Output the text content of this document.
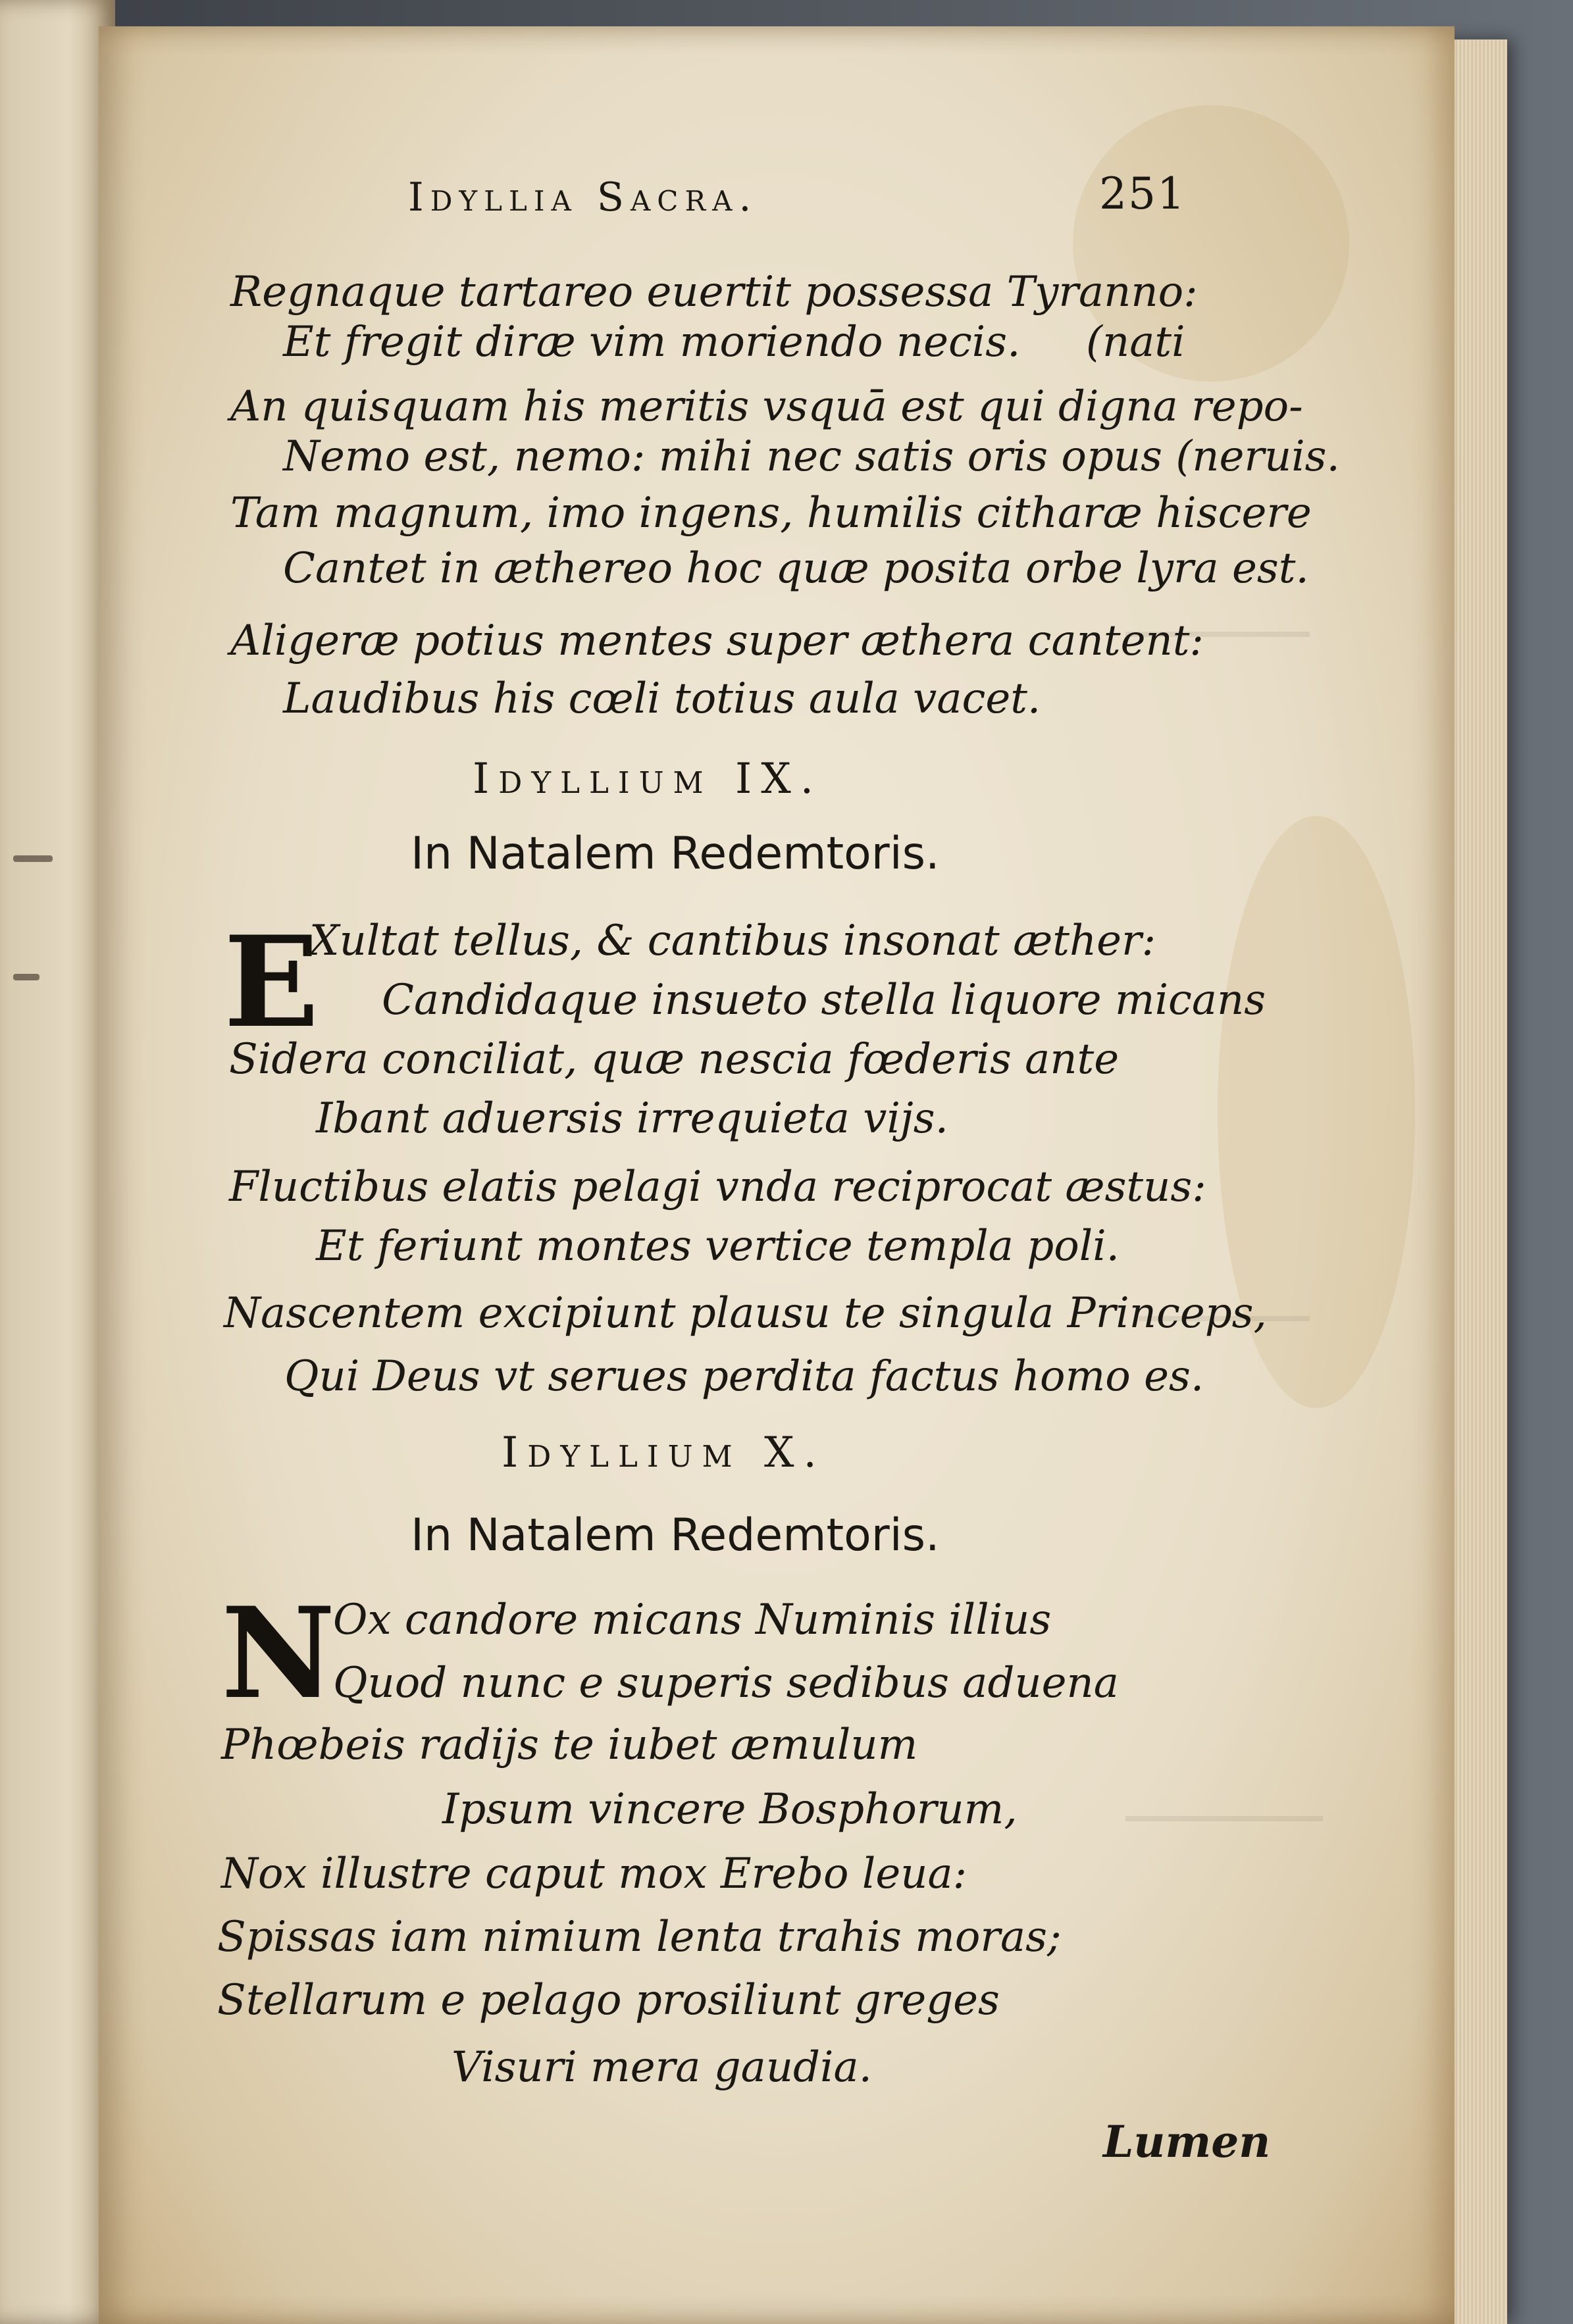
Idyllia Sacra.	251
Regnaque tartareo euertit possessa Tyranno:
Et fregit diræ vim moriendo necis. (nati
An quisquam his meritis vsquā est qui digna repo-
Nemo est, nemo: mihi nec satis oris opus (neruis.
Tam magnum, imo ingens, humilis citharæ hiscere
Cantet in æthereo hoc quæ posita orbe lyra est.
Aligeræ potius mentes super æthera cantent:
Laudibus his cœli totius aula vacet.
Idyllium IX.
In Natalem Redemtoris.
E
Xultat tellus, & cantibus insonat æther:
Candidaque insueto stella liquore micans
Sidera conciliat, quæ nescia fœderis ante
Ibant aduersis irrequieta vijs.
Fluctibus elatis pelagi vnda reciprocat æstus:
Et feriunt montes vertice templa poli.
Nascentem excipiunt plausu te singula Princeps,
Qui Deus vt serues perdita factus homo es.
Idyllium X.
In Natalem Redemtoris.
N
Ox candore micans Numinis illius
Quod nunc e superis sedibus aduena
Phœbeis radijs te iubet æmulum
Ipsum vincere Bosphorum,
Nox illustre caput mox Erebo leua:
Spissas iam nimium lenta trahis moras;
Stellarum e pelago prosiliunt greges
Visuri mera gaudia.
Lumen
